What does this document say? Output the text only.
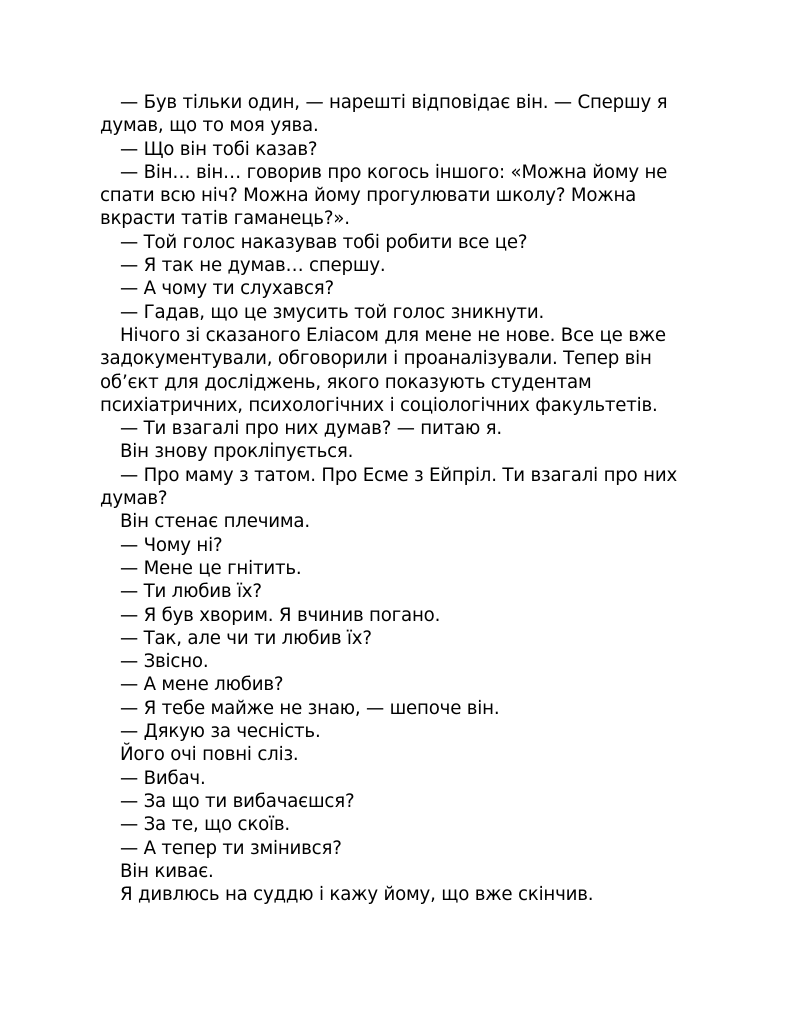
— Був тільки один, — нарешті відповідає він. — Спершу я думав, що то моя уява.

— Що він тобі казав?

— Він… він… говорив про когось іншого: «Можна йому не спати всю ніч? Можна йому прогулювати школу? Можна вкрасти татів гаманець?».

— Той голос наказував тобі робити все це?

— Я так не думав… спершу.

— А чому ти слухався?

— Гадав, що це змусить той голос зникнути.

Нічого зі сказаного Еліасом для мене не нове. Все це вже задокументували, обговорили і проаналізували. Тепер він об’єкт для досліджень, якого показують студентам психіатричних, психологічних і соціологічних факультетів.

— Ти взагалі про них думав? — питаю я.

Він знову проклiпується.

— Про маму з татом. Про Есме з Ейпріл. Ти взагалі про них думав?

Він стенає плечима.

— Чому ні?

— Мене це гнітить.

— Ти любив їх?

— Я був хворим. Я вчинив погано.

— Так, але чи ти любив їх?

— Звісно.

— А мене любив?

— Я тебе майже не знаю, — шепоче він.

— Дякую за чесність.

Його очі повні сліз.

— Вибач.

— За що ти вибачаєшся?

— За те, що скоїв.

— А тепер ти змінився?

Він киває.

Я дивлюсь на суддю і кажу йому, що вже скінчив.
